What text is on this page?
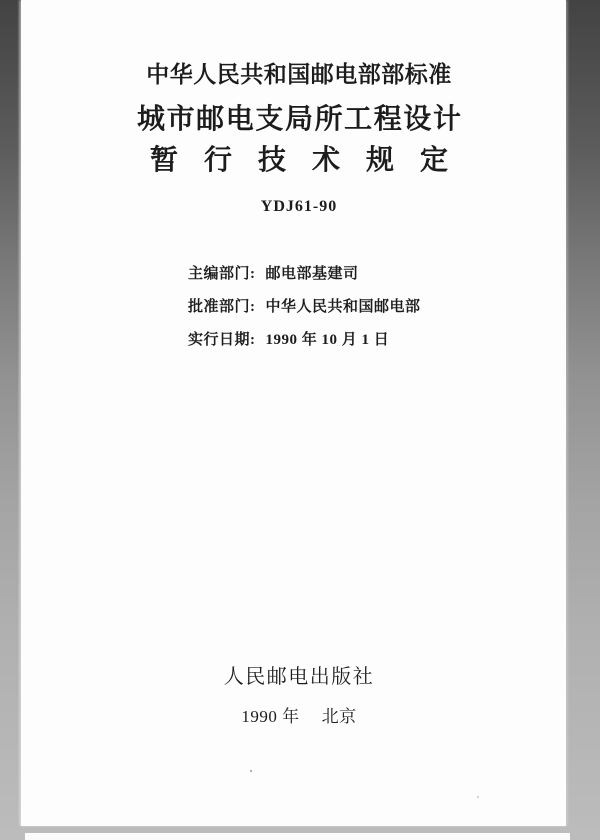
中华人民共和国邮电部部标准
城市邮电支局所工程设计
暂行技术规定
YDJ61-90
主编部门: 邮电部基建司
批准部门: 中华人民共和国邮电部
实行日期: 1990 年 10 月 1 日
人民邮电出版社
1990 年 北京
